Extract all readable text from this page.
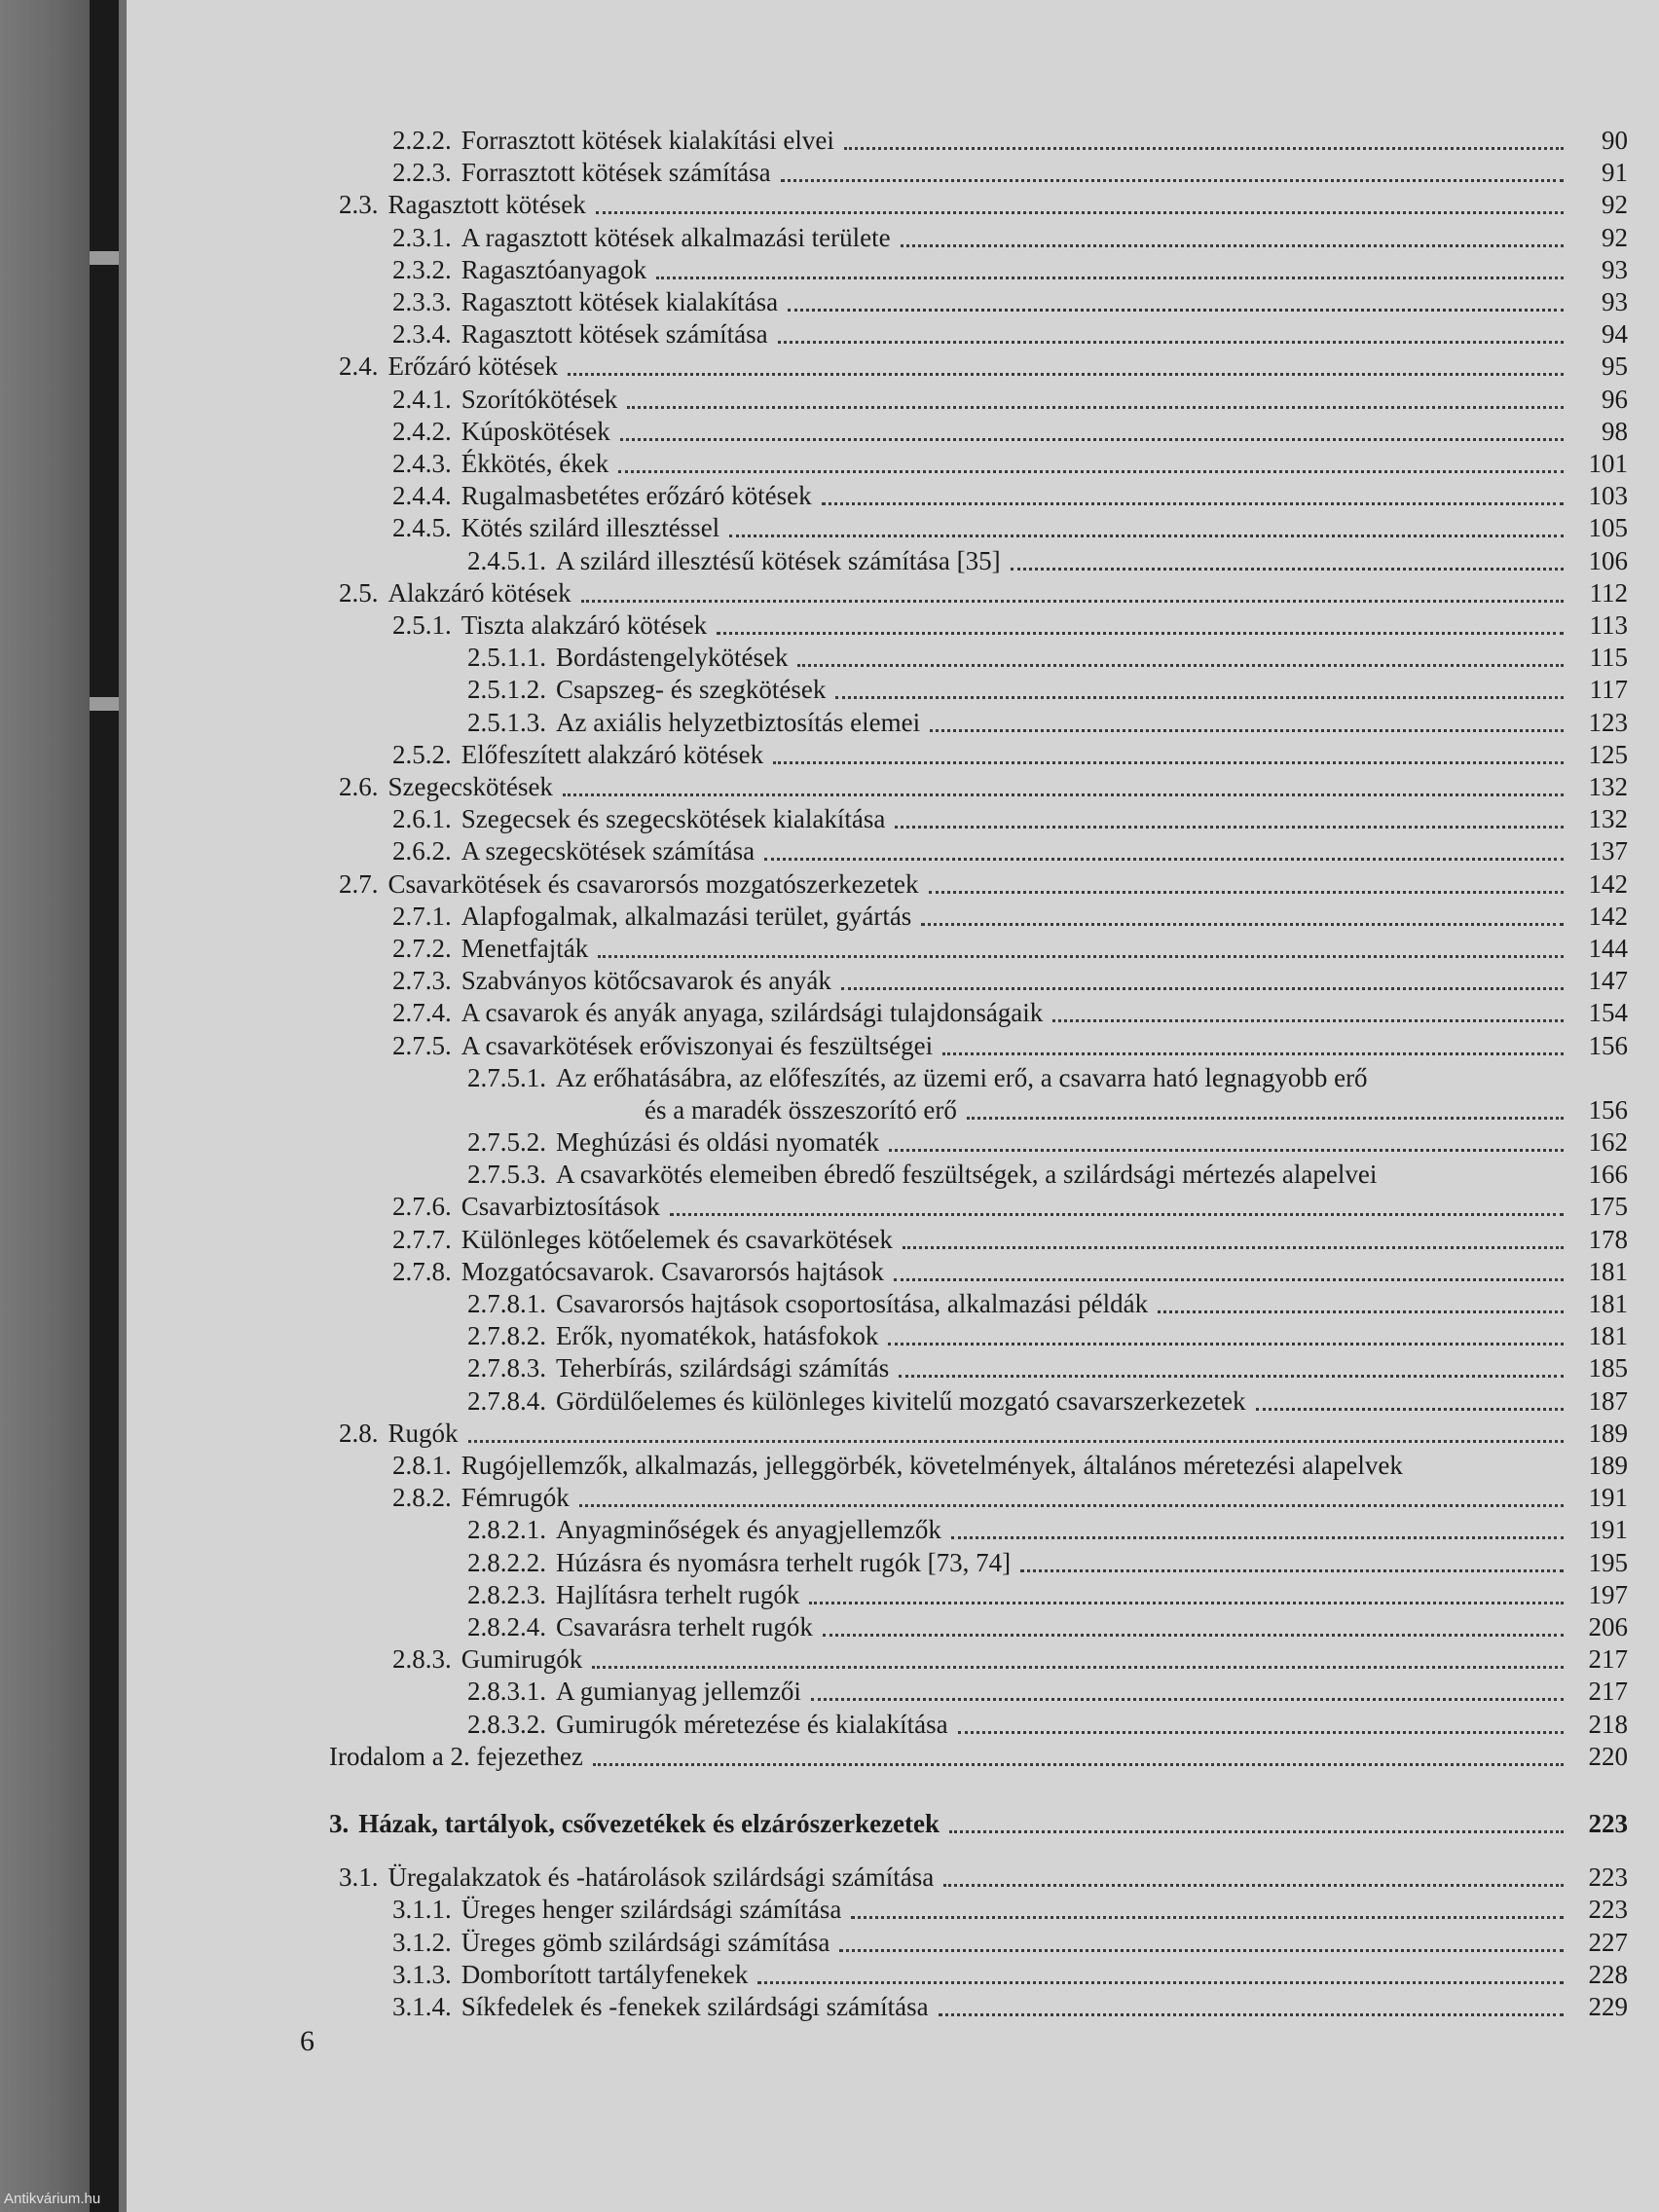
2.2.2. Forrasztott kötések kialakítási elvei	90
2.2.3. Forrasztott kötések számítása	91
2.3. Ragasztott kötések	92
2.3.1. A ragasztott kötések alkalmazási területe	92
2.3.2. Ragasztóanyagok	93
2.3.3. Ragasztott kötések kialakítása	93
2.3.4. Ragasztott kötések számítása	94
2.4. Erőzáró kötések	95
2.4.1. Szorítókötések	96
2.4.2. Kúposkötések	98
2.4.3. Ékkötés, ékek	101
2.4.4. Rugalmasbetétes erőzáró kötések	103
2.4.5. Kötés szilárd illesztéssel	105
2.4.5.1. A szilárd illesztésű kötések számítása [35]	106
2.5. Alakzáró kötések	112
2.5.1. Tiszta alakzáró kötések	113
2.5.1.1. Bordástengelykötések	115
2.5.1.2. Csapszeg- és szegkötések	117
2.5.1.3. Az axiális helyzetbiztosítás elemei	123
2.5.2. Előfeszített alakzáró kötések	125
2.6. Szegecskötések	132
2.6.1. Szegecsek és szegecskötések kialakítása	132
2.6.2. A szegecskötések számítása	137
2.7. Csavarkötések és csavarorsós mozgatószerkezetek	142
2.7.1. Alapfogalmak, alkalmazási terület, gyártás	142
2.7.2. Menetfajták	144
2.7.3. Szabványos kötőcsavarok és anyák	147
2.7.4. A csavarok és anyák anyaga, szilárdsági tulajdonságaik	154
2.7.5. A csavarkötések erőviszonyai és feszültségei	156
2.7.5.1. Az erőhatásábra, az előfeszítés, az üzemi erő, a csavarra ható legnagyobb erő
és a maradék összeszorító erő	156
2.7.5.2. Meghúzási és oldási nyomaték	162
2.7.5.3. A csavarkötés elemeiben ébredő feszültségek, a szilárdsági mértezés alapelvei	166
2.7.6. Csavarbiztosítások	175
2.7.7. Különleges kötőelemek és csavarkötések	178
2.7.8. Mozgatócsavarok. Csavarorsós hajtások	181
2.7.8.1. Csavarorsós hajtások csoportosítása, alkalmazási példák	181
2.7.8.2. Erők, nyomatékok, hatásfokok	181
2.7.8.3. Teherbírás, szilárdsági számítás	185
2.7.8.4. Gördülőelemes és különleges kivitelű mozgató csavarszerkezetek	187
2.8. Rugók	189
2.8.1. Rugójellemzők, alkalmazás, jelleggörbék, követelmények, általános méretezési alapelvek	189
2.8.2. Fémrugók	191
2.8.2.1. Anyagminőségek és anyagjellemzők	191
2.8.2.2. Húzásra és nyomásra terhelt rugók [73, 74]	195
2.8.2.3. Hajlításra terhelt rugók	197
2.8.2.4. Csavarásra terhelt rugók	206
2.8.3. Gumirugók	217
2.8.3.1. A gumianyag jellemzői	217
2.8.3.2. Gumirugók méretezése és kialakítása	218
Irodalom a 2. fejezethez	220
3. Házak, tartályok, csővezetékek és elzárószerkezetek	223
3.1. Üregalakzatok és -határolások szilárdsági számítása	223
3.1.1. Üreges henger szilárdsági számítása	223
3.1.2. Üreges gömb szilárdsági számítása	227
3.1.3. Domborított tartályfenekek	228
3.1.4. Síkfedelek és -fenekek szilárdsági számítása	229
6
Antikvárium.hu
